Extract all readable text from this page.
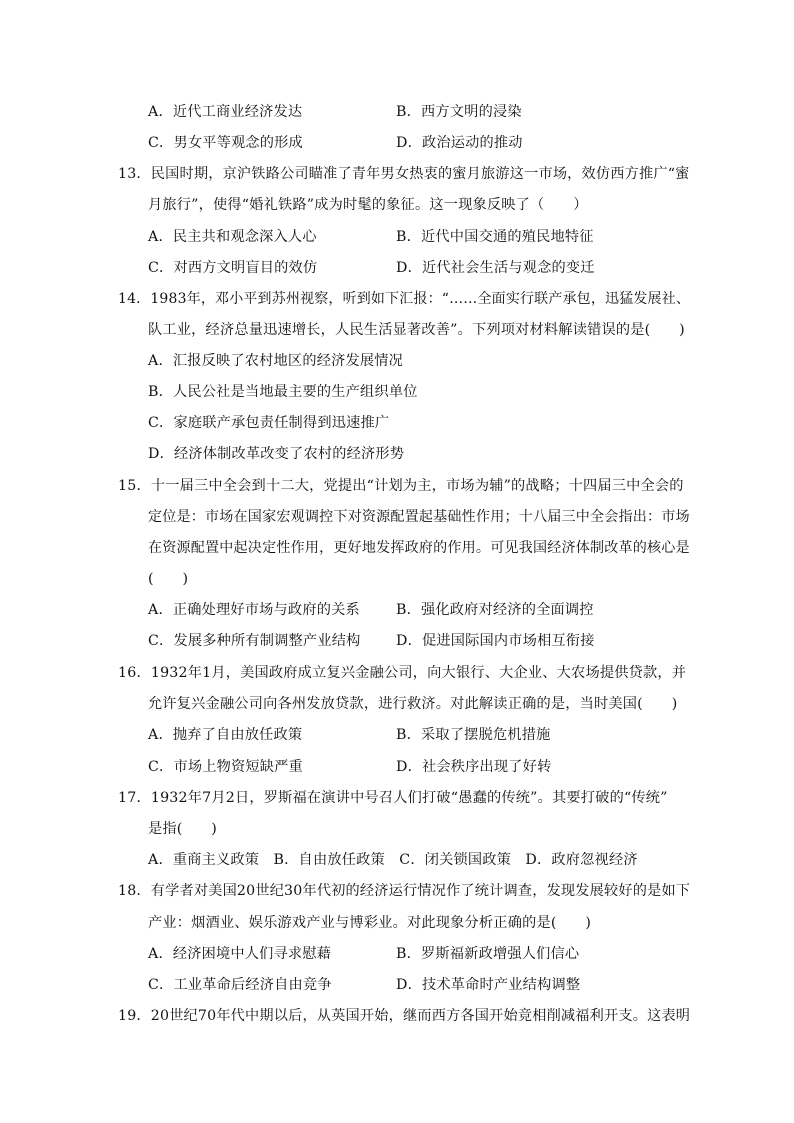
A．近代工商业经济发达	B．西方文明的浸染
C．男女平等观念的形成	D．政治运动的推动
13．民国时期，京沪铁路公司瞄准了青年男女热衷的蜜月旅游这一市场，效仿西方推广“蜜
月旅行”，使得“婚礼铁路”成为时髦的象征。这一现象反映了（　　）
A．民主共和观念深入人心	B．近代中国交通的殖民地特征
C．对西方文明盲目的效仿	D．近代社会生活与观念的变迁
14．1983年，邓小平到苏州视察，听到如下汇报：“……全面实行联产承包，迅猛发展社、
队工业，经济总量迅速增长，人民生活显著改善”。下列项对材料解读错误的是(　　)
A．汇报反映了农村地区的经济发展情况
B．人民公社是当地最主要的生产组织单位
C．家庭联产承包责任制得到迅速推广
D．经济体制改革改变了农村的经济形势
15．十一届三中全会到十二大，党提出“计划为主，市场为辅”的战略；十四届三中全会的
定位是：市场在国家宏观调控下对资源配置起基础性作用；十八届三中全会指出：市场
在资源配置中起决定性作用，更好地发挥政府的作用。可见我国经济体制改革的核心是
(　　)
A．正确处理好市场与政府的关系	B．强化政府对经济的全面调控
C．发展多种所有制调整产业结构	D．促进国际国内市场相互衔接
16．1932年1月，美国政府成立复兴金融公司，向大银行、大企业、大农场提供贷款，并
允许复兴金融公司向各州发放贷款，进行救济。对此解读正确的是，当时美国(　　)
A．抛弃了自由放任政策	B．采取了摆脱危机措施
C．市场上物资短缺严重	D．社会秩序出现了好转
17．1932年7月2日，罗斯福在演讲中号召人们打破“愚蠢的传统”。其要打破的“传统”
是指(　　)
A．重商主义政策　B．自由放任政策　C．闭关锁国政策　D．政府忽视经济
18．有学者对美国20世纪30年代初的经济运行情况作了统计调查，发现发展较好的是如下
产业：烟酒业、娱乐游戏产业与博彩业。对此现象分析正确的是(　　)
A．经济困境中人们寻求慰藉	B．罗斯福新政增强人们信心
C．工业革命后经济自由竞争	D．技术革命时产业结构调整
19．20世纪70年代中期以后，从英国开始，继而西方各国开始竞相削减福利开支。这表明
